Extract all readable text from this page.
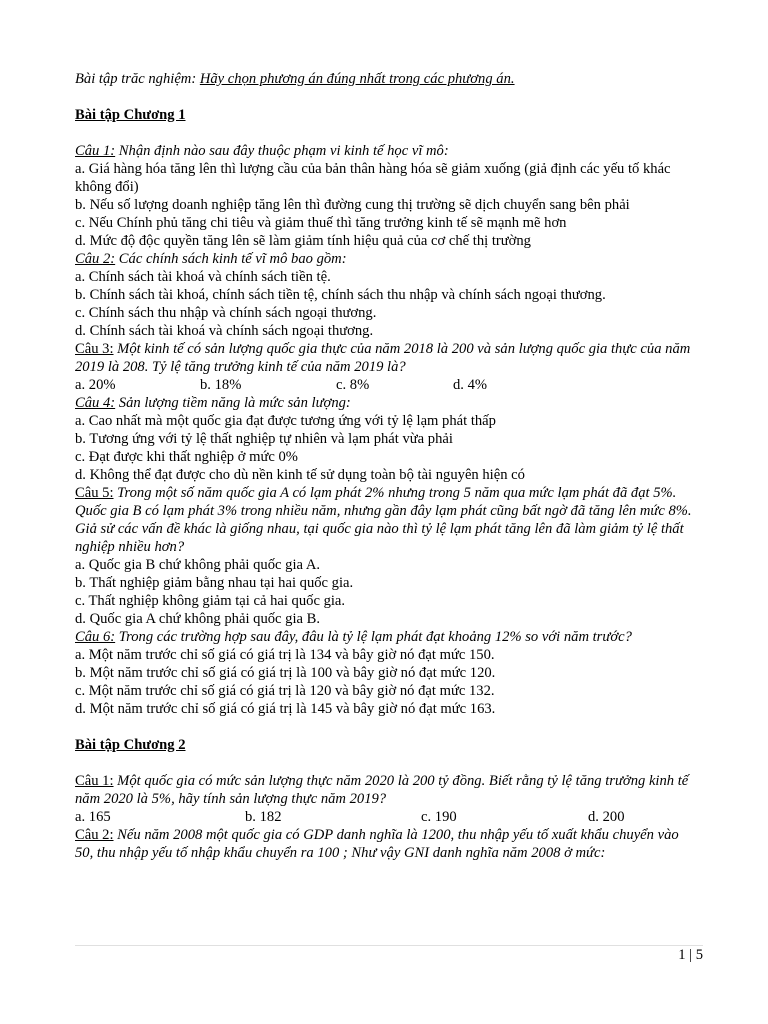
Bài tập trăc nghiệm: Hãy chọn phương án đúng nhất trong các phương án.

Bài tập Chương 1

Câu 1: Nhận định nào sau đây thuộc phạm vi kinh tế học vĩ mô:

a. Giá hàng hóa tăng lên thì lượng cầu của bản thân hàng hóa sẽ giảm xuống (giả định các yếu tố khác không đổi)

b. Nếu số lượng doanh nghiệp tăng lên thì đường cung thị trường sẽ dịch chuyển sang bên phải

c. Nếu Chính phủ tăng chi tiêu và giảm thuế thì tăng trưởng kinh tế sẽ mạnh mẽ hơn

d. Mức độ độc quyền tăng lên sẽ làm giảm tính hiệu quả của cơ chế thị trường

Câu 2: Các chính sách kinh tế vĩ mô bao gồm:

a. Chính sách tài khoá và chính sách tiền tệ.

b. Chính sách tài khoá, chính sách tiền tệ, chính sách thu nhập và chính sách ngoại thương.

c. Chính sách thu nhập và chính sách ngoại thương.

d. Chính sách tài khoá và chính sách ngoại thương.

Câu 3: Một kinh tế có sản lượng quốc gia thực của năm 2018 là 200 và sản lượng quốc gia thực của năm 2019 là 208. Tỷ lệ tăng trưởng kinh tế của năm 2019 là?

a. 20%	b. 18%	c. 8%	d. 4%

Câu 4: Sản lượng tiềm năng là mức sản lượng:

a. Cao nhất mà một quốc gia đạt được tương ứng với tỷ lệ lạm phát thấp

b. Tương ứng với tỷ lệ thất nghiệp tự nhiên và lạm phát vừa phải

c. Đạt được khi thất nghiệp ở mức 0%

d. Không thể đạt được cho dù nền kinh tế sử dụng toàn bộ tài nguyên hiện có

Câu 5: Trong một số năm quốc gia A có lạm phát 2% nhưng trong 5 năm qua mức lạm phát đã đạt 5%. Quốc gia B có lạm phát 3% trong nhiều năm, nhưng gần đây lạm phát cũng bất ngờ đã tăng lên mức 8%. Giả sử các vấn đề khác là giống nhau, tại quốc gia nào thì tỷ lệ lạm phát tăng lên đã làm giảm tỷ lệ thất nghiệp nhiều hơn?

a. Quốc gia B chứ không phải quốc gia A.

b. Thất nghiệp giảm bằng nhau tại hai quốc gia.

c. Thất nghiệp không giảm tại cả hai quốc gia.

d. Quốc gia A chứ không phải quốc gia B.

Câu 6: Trong các trường hợp sau đây, đâu là tỷ lệ lạm phát đạt khoảng 12% so với năm trước?

a. Một năm trước chỉ số giá có giá trị là 134 và bây giờ nó đạt mức 150.

b. Một năm trước chỉ số giá có giá trị là 100 và bây giờ nó đạt mức 120.

c. Một năm trước chỉ số giá có giá trị là 120 và bây giờ nó đạt mức 132.

d. Một năm trước chỉ số giá có giá trị là 145 và bây giờ nó đạt mức 163.

Bài tập Chương 2

Câu 1: Một quốc gia có mức sản lượng thực năm 2020 là 200 tỷ đồng. Biết rằng tỷ lệ tăng trưởng kinh tế năm 2020 là 5%, hãy tính sản lượng thực năm 2019?

a. 165	b. 182	c. 190	d. 200

Câu 2: Nếu năm 2008 một quốc gia có GDP danh nghĩa là 1200, thu nhập yếu tố xuất khẩu chuyển vào 50, thu nhập yếu tố nhập khẩu chuyển ra 100 ; Như vậy GNI danh nghĩa năm 2008 ở mức:

1 | 5
